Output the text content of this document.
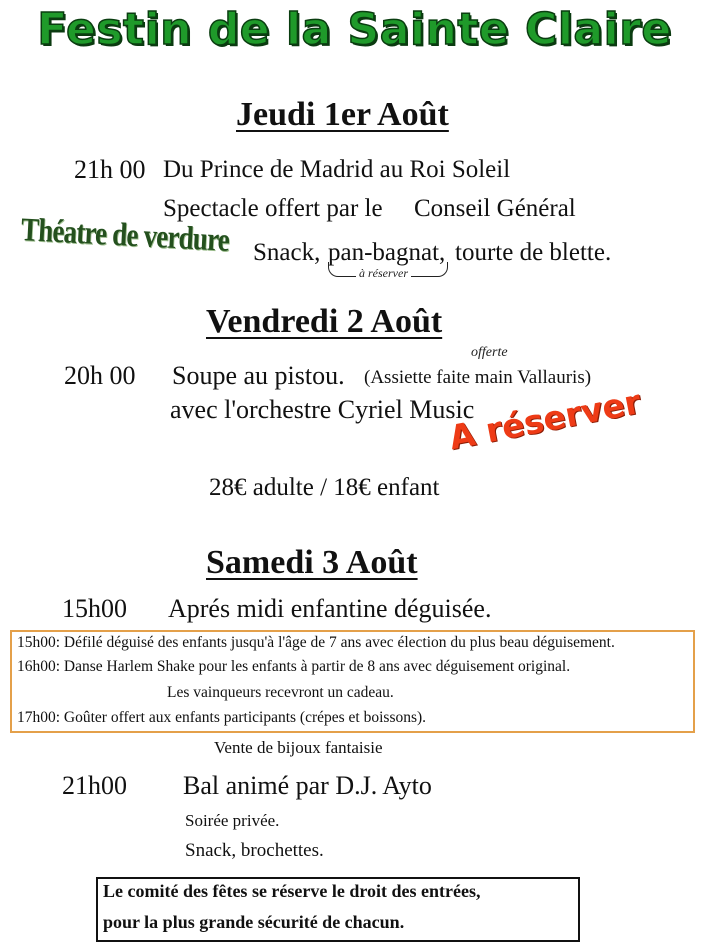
Festin de la Sainte Claire
Jeudi 1er Août
21h 00 Du Prince de Madrid au Roi Soleil
Spectacle offert par le Conseil Général
Théatre de verdure Snack, pan-bagnat, tourte de blette.
à réserver
Vendredi 2 Août
offerte
20h 00 Soupe au pistou. (Assiette faite main Vallauris)
avec l'orchestre Cyriel Music
A réserver
28€ adulte / 18€ enfant
Samedi 3 Août
15h00 Aprés midi enfantine déguisée.
15h00: Défilé déguisé des enfants jusqu'à l'âge de 7 ans avec élection du plus beau déguisement.
16h00: Danse Harlem Shake pour les enfants à partir de 8 ans avec déguisement original.
Les vainqueurs recevront un cadeau.
17h00: Goûter offert aux enfants participants (crépes et boissons).
Vente de bijoux fantaisie
21h00 Bal animé par D.J. Ayto
Soirée privée.
Snack, brochettes.
Le comité des fêtes se réserve le droit des entrées,
pour la plus grande sécurité de chacun.
